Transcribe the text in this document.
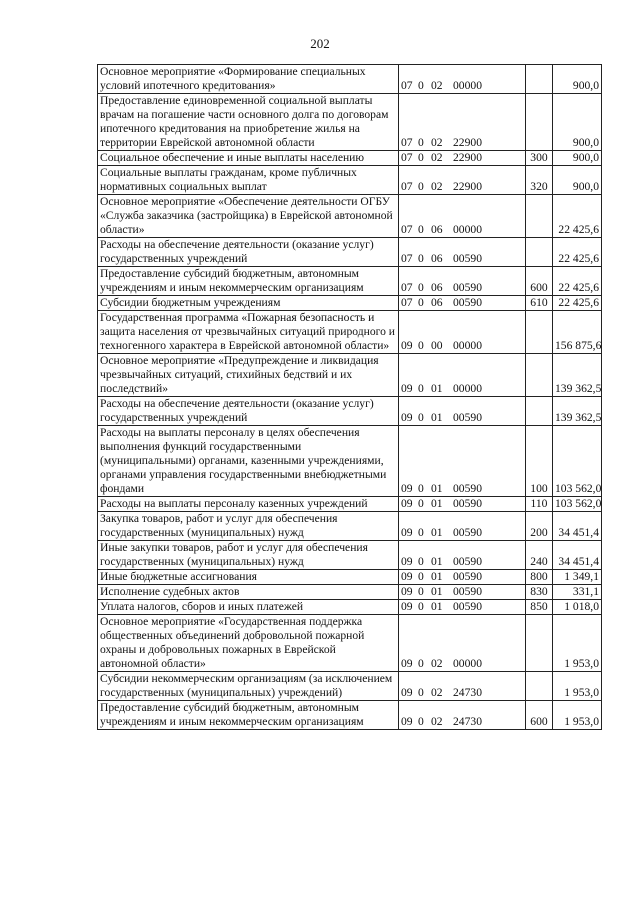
202
Основное мероприятие «Формирование специальных условий ипотечного кредитования»	07 0 02 00000		900,0
Предоставление единовременной социальной выплаты врачам на погашение части основного долга по договорам ипотечного кредитования на приобретение жилья на территории Еврейской автономной области	07 0 02 22900		900,0
Социальное обеспечение и иные выплаты населению	07 0 02 22900	300	900,0
Социальные выплаты гражданам, кроме публичных нормативных социальных выплат	07 0 02 22900	320	900,0
Основное мероприятие «Обеспечение деятельности ОГБУ «Служба заказчика (застройщика) в Еврейской автономной области»	07 0 06 00000		22 425,6
Расходы на обеспечение деятельности (оказание услуг) государственных учреждений	07 0 06 00590		22 425,6
Предоставление субсидий бюджетным, автономным учреждениям и иным некоммерческим организациям	07 0 06 00590	600	22 425,6
Субсидии бюджетным учреждениям	07 0 06 00590	610	22 425,6
Государственная программа «Пожарная безопасность и защита населения от чрезвычайных ситуаций природного и техногенного характера в Еврейской автономной области»	09 0 00 00000		156 875,6
Основное мероприятие «Предупреждение и ликвидация чрезвычайных ситуаций, стихийных бедствий и их последствий»	09 0 01 00000		139 362,5
Расходы на обеспечение деятельности (оказание услуг) государственных учреждений	09 0 01 00590		139 362,5
Расходы на выплаты персоналу в целях обеспечения выполнения функций государственными (муниципальными) органами, казенными учреждениями, органами управления государственными внебюджетными фондами	09 0 01 00590	100	103 562,0
Расходы на выплаты персоналу казенных учреждений	09 0 01 00590	110	103 562,0
Закупка товаров, работ и услуг для обеспечения государственных (муниципальных) нужд	09 0 01 00590	200	34 451,4
Иные закупки товаров, работ и услуг для обеспечения государственных (муниципальных) нужд	09 0 01 00590	240	34 451,4
Иные бюджетные ассигнования	09 0 01 00590	800	1 349,1
Исполнение судебных актов	09 0 01 00590	830	331,1
Уплата налогов, сборов и иных платежей	09 0 01 00590	850	1 018,0
Основное мероприятие «Государственная поддержка общественных объединений добровольной пожарной охраны и добровольных пожарных в Еврейской автономной области»	09 0 02 00000		1 953,0
Субсидии некоммерческим организациям (за исключением государственных (муниципальных) учреждений)	09 0 02 24730		1 953,0
Предоставление субсидий бюджетным, автономным учреждениям и иным некоммерческим организациям	09 0 02 24730	600	1 953,0
